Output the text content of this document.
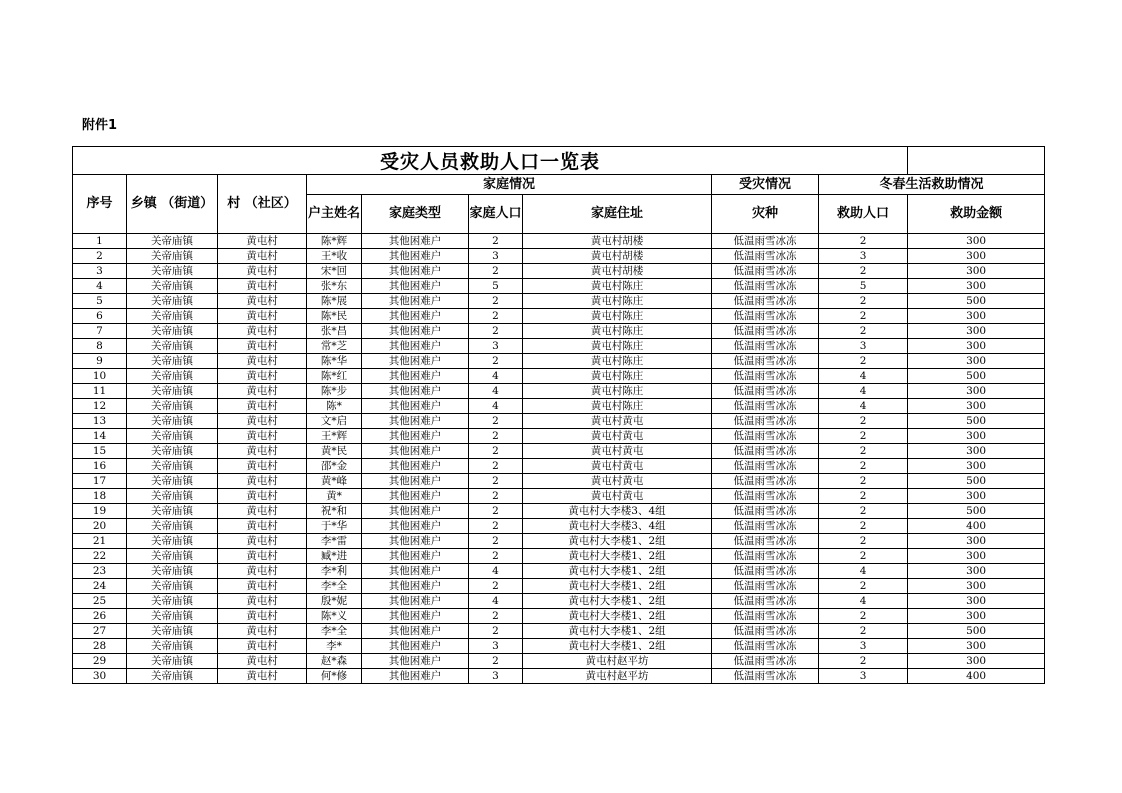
附件1
受灾人员救助人口一览表									
序号	乡镇 （街道）	村 （社区）	家庭情况				受灾情况	冬春生活救助情况	
			户主姓名	家庭类型	家庭人口	家庭住址	灾种	救助人口	救助金额
1	关帝庙镇	黄屯村	陈*辉	其他困难户	2	黄屯村胡楼	低温雨雪冰冻	2	300
2	关帝庙镇	黄屯村	王*收	其他困难户	3	黄屯村胡楼	低温雨雪冰冻	3	300
3	关帝庙镇	黄屯村	宋*回	其他困难户	2	黄屯村胡楼	低温雨雪冰冻	2	300
4	关帝庙镇	黄屯村	张*东	其他困难户	5	黄屯村陈庄	低温雨雪冰冻	5	300
5	关帝庙镇	黄屯村	陈*展	其他困难户	2	黄屯村陈庄	低温雨雪冰冻	2	500
6	关帝庙镇	黄屯村	陈*民	其他困难户	2	黄屯村陈庄	低温雨雪冰冻	2	300
7	关帝庙镇	黄屯村	张*昌	其他困难户	2	黄屯村陈庄	低温雨雪冰冻	2	300
8	关帝庙镇	黄屯村	常*芝	其他困难户	3	黄屯村陈庄	低温雨雪冰冻	3	300
9	关帝庙镇	黄屯村	陈*华	其他困难户	2	黄屯村陈庄	低温雨雪冰冻	2	300
10	关帝庙镇	黄屯村	陈*红	其他困难户	4	黄屯村陈庄	低温雨雪冰冻	4	500
11	关帝庙镇	黄屯村	陈*步	其他困难户	4	黄屯村陈庄	低温雨雪冰冻	4	300
12	关帝庙镇	黄屯村	陈*	其他困难户	4	黄屯村陈庄	低温雨雪冰冻	4	300
13	关帝庙镇	黄屯村	文*启	其他困难户	2	黄屯村黄屯	低温雨雪冰冻	2	500
14	关帝庙镇	黄屯村	王*辉	其他困难户	2	黄屯村黄屯	低温雨雪冰冻	2	300
15	关帝庙镇	黄屯村	黄*民	其他困难户	2	黄屯村黄屯	低温雨雪冰冻	2	300
16	关帝庙镇	黄屯村	邵*金	其他困难户	2	黄屯村黄屯	低温雨雪冰冻	2	300
17	关帝庙镇	黄屯村	黄*峰	其他困难户	2	黄屯村黄屯	低温雨雪冰冻	2	500
18	关帝庙镇	黄屯村	黄*	其他困难户	2	黄屯村黄屯	低温雨雪冰冻	2	300
19	关帝庙镇	黄屯村	祝*和	其他困难户	2	黄屯村大李楼3、4组	低温雨雪冰冻	2	500
20	关帝庙镇	黄屯村	于*华	其他困难户	2	黄屯村大李楼3、4组	低温雨雪冰冻	2	400
21	关帝庙镇	黄屯村	李*雷	其他困难户	2	黄屯村大李楼1、2组	低温雨雪冰冻	2	300
22	关帝庙镇	黄屯村	臧*进	其他困难户	2	黄屯村大李楼1、2组	低温雨雪冰冻	2	300
23	关帝庙镇	黄屯村	李*利	其他困难户	4	黄屯村大李楼1、2组	低温雨雪冰冻	4	300
24	关帝庙镇	黄屯村	李*全	其他困难户	2	黄屯村大李楼1、2组	低温雨雪冰冻	2	300
25	关帝庙镇	黄屯村	殷*妮	其他困难户	4	黄屯村大李楼1、2组	低温雨雪冰冻	4	300
26	关帝庙镇	黄屯村	陈*义	其他困难户	2	黄屯村大李楼1、2组	低温雨雪冰冻	2	300
27	关帝庙镇	黄屯村	李*全	其他困难户	2	黄屯村大李楼1、2组	低温雨雪冰冻	2	500
28	关帝庙镇	黄屯村	李*	其他困难户	3	黄屯村大李楼1、2组	低温雨雪冰冻	3	300
29	关帝庙镇	黄屯村	赵*森	其他困难户	2	黄屯村赵平坊	低温雨雪冰冻	2	300
30	关帝庙镇	黄屯村	何*修	其他困难户	3	黄屯村赵平坊	低温雨雪冰冻	3	400
